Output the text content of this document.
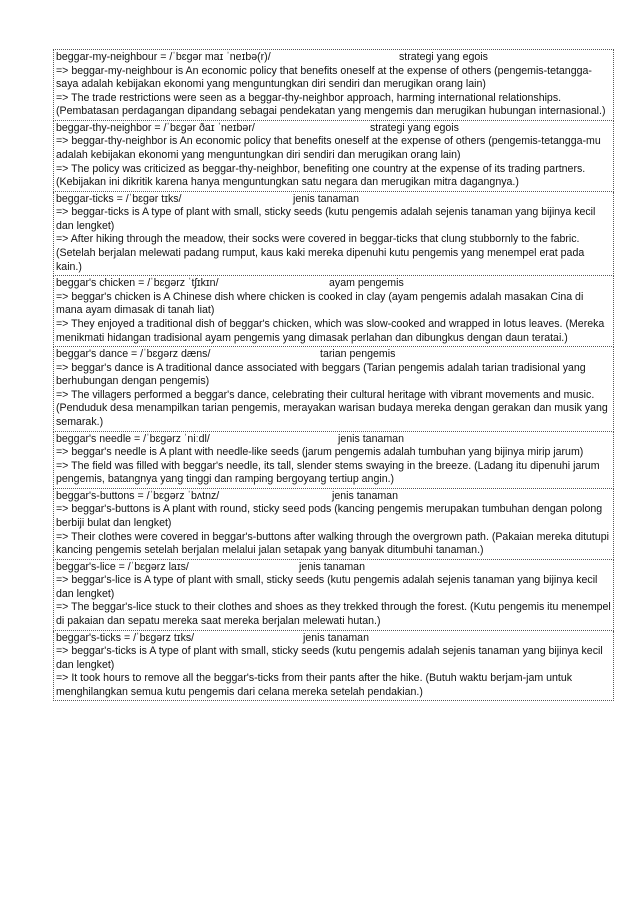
beggar-my-neighbour = /ˈbɛɡər maɪ ˈneɪbə(r)/	strategi yang egois
=> beggar-my-neighbour is An economic policy that benefits oneself at the expense of others (pengemis-tetangga-saya adalah kebijakan ekonomi yang menguntungkan diri sendiri dan merugikan orang lain)
=> The trade restrictions were seen as a beggar-thy-neighbor approach, harming international relationships. (Pembatasan perdagangan dipandang sebagai pendekatan yang mengemis dan merugikan hubungan internasional.)
beggar-thy-neighbor = /ˈbɛɡər ðaɪ ˈneɪbər/	strategi yang egois
=> beggar-thy-neighbor is An economic policy that benefits oneself at the expense of others (pengemis-tetangga-mu adalah kebijakan ekonomi yang menguntungkan diri sendiri dan merugikan orang lain)
=> The policy was criticized as beggar-thy-neighbor, benefiting one country at the expense of its trading partners. (Kebijakan ini dikritik karena hanya menguntungkan satu negara dan merugikan mitra dagangnya.)
beggar-ticks = /ˈbɛɡər tɪks/	jenis tanaman
=> beggar-ticks is A type of plant with small, sticky seeds (kutu pengemis adalah sejenis tanaman yang bijinya kecil dan lengket)
=> After hiking through the meadow, their socks were covered in beggar-ticks that clung stubbornly to the fabric. (Setelah berjalan melewati padang rumput, kaus kaki mereka dipenuhi kutu pengemis yang menempel erat pada kain.)
beggar's chicken = /ˈbɛɡərz ˈtʃɪkɪn/	ayam pengemis
=> beggar's chicken is A Chinese dish where chicken is cooked in clay (ayam pengemis adalah masakan Cina di mana ayam dimasak di tanah liat)
=> They enjoyed a traditional dish of beggar's chicken, which was slow-cooked and wrapped in lotus leaves. (Mereka menikmati hidangan tradisional ayam pengemis yang dimasak perlahan dan dibungkus dengan daun teratai.)
beggar's dance = /ˈbɛɡərz dæns/	tarian pengemis
=> beggar's dance is A traditional dance associated with beggars (Tarian pengemis adalah tarian tradisional yang berhubungan dengan pengemis)
=> The villagers performed a beggar's dance, celebrating their cultural heritage with vibrant movements and music. (Penduduk desa menampilkan tarian pengemis, merayakan warisan budaya mereka dengan gerakan dan musik yang semarak.)
beggar's needle = /ˈbɛɡərz ˈniːdl/	jenis tanaman
=> beggar's needle is A plant with needle-like seeds (jarum pengemis adalah tumbuhan yang bijinya mirip jarum)
=> The field was filled with beggar's needle, its tall, slender stems swaying in the breeze. (Ladang itu dipenuhi jarum pengemis, batangnya yang tinggi dan ramping bergoyang tertiup angin.)
beggar's-buttons = /ˈbɛɡərz ˈbʌtnz/	jenis tanaman
=> beggar's-buttons is A plant with round, sticky seed pods (kancing pengemis merupakan tumbuhan dengan polong berbiji bulat dan lengket)
=> Their clothes were covered in beggar's-buttons after walking through the overgrown path. (Pakaian mereka ditutupi kancing pengemis setelah berjalan melalui jalan setapak yang banyak ditumbuhi tanaman.)
beggar's-lice = /ˈbɛɡərz laɪs/	jenis tanaman
=> beggar's-lice is A type of plant with small, sticky seeds (kutu pengemis adalah sejenis tanaman yang bijinya kecil dan lengket)
=> The beggar's-lice stuck to their clothes and shoes as they trekked through the forest. (Kutu pengemis itu menempel di pakaian dan sepatu mereka saat mereka berjalan melewati hutan.)
beggar's-ticks = /ˈbɛɡərz tɪks/	jenis tanaman
=> beggar's-ticks is A type of plant with small, sticky seeds (kutu pengemis adalah sejenis tanaman yang bijinya kecil dan lengket)
=> It took hours to remove all the beggar's-ticks from their pants after the hike. (Butuh waktu berjam-jam untuk menghilangkan semua kutu pengemis dari celana mereka setelah pendakian.)
